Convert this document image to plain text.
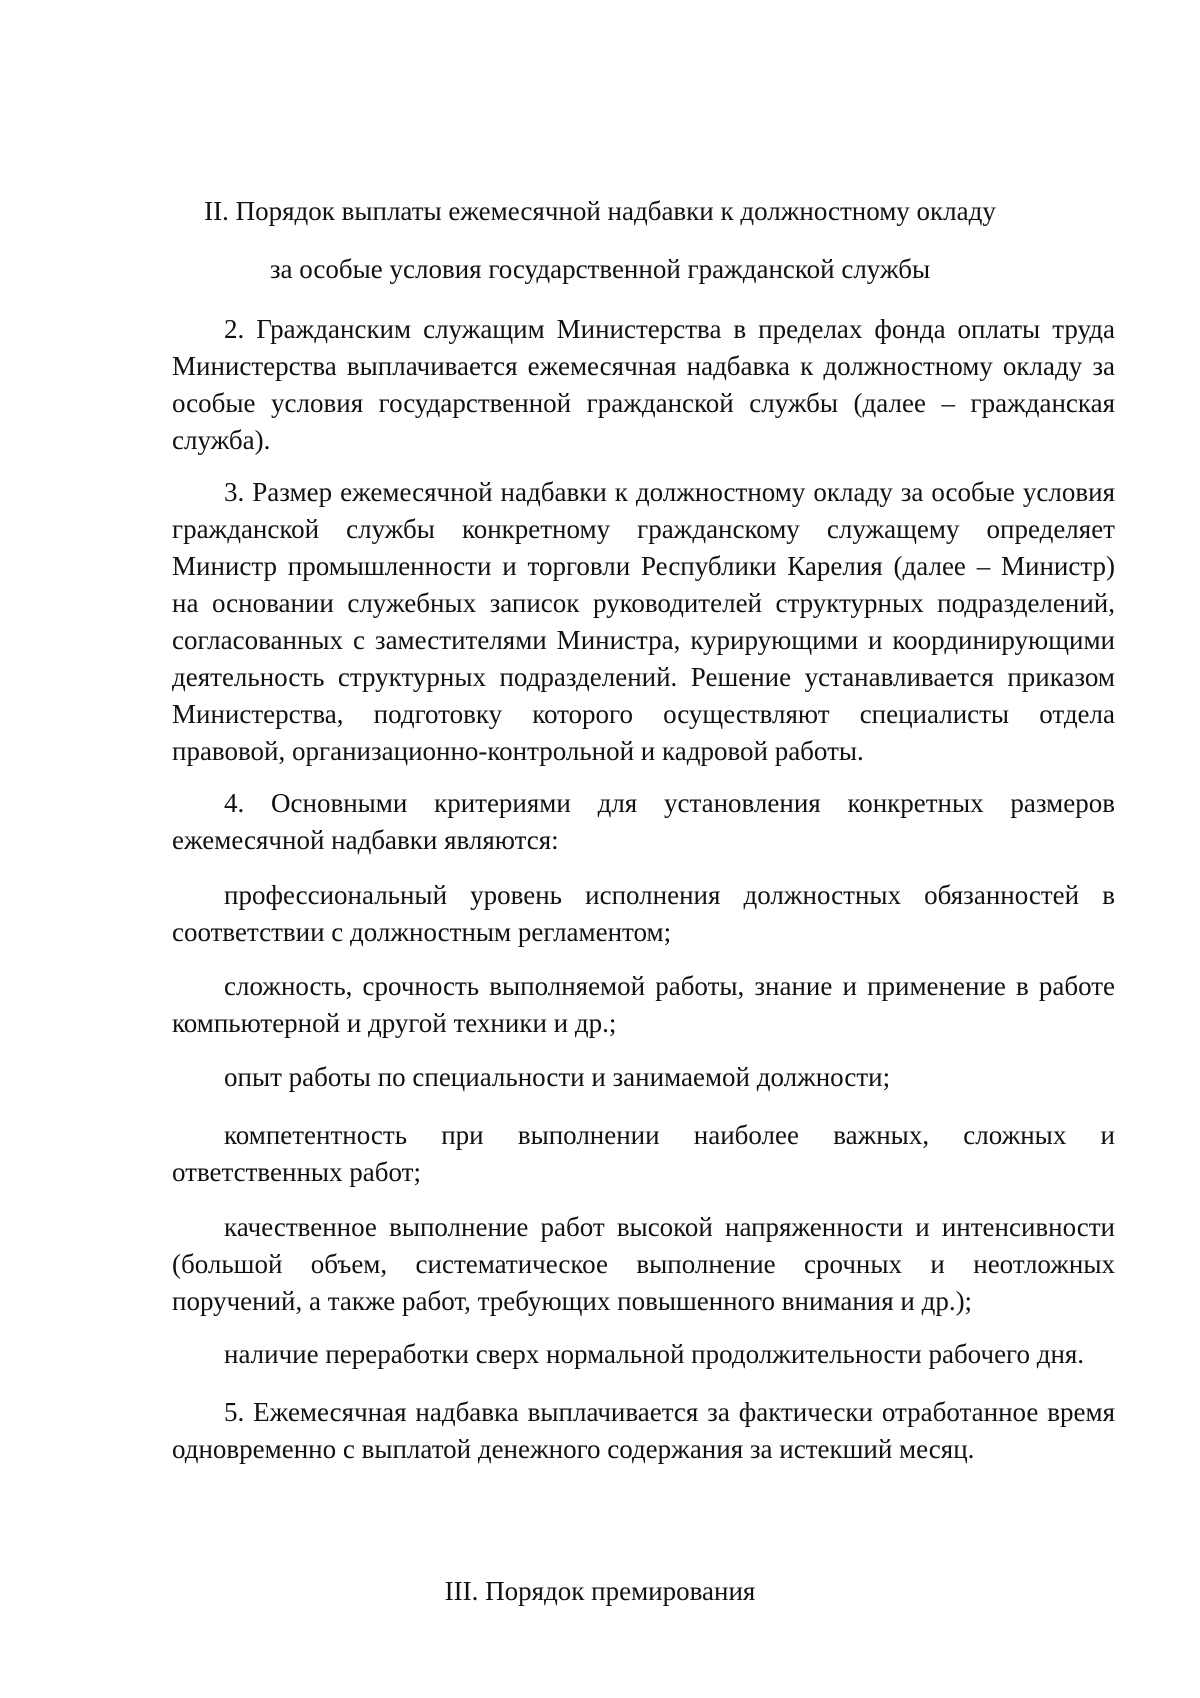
II. Порядок выплаты ежемесячной надбавки к должностному окладу
за особые условия государственной гражданской службы

2. Гражданским служащим Министерства в пределах фонда оплаты труда Министерства выплачивается ежемесячная надбавка к должностному окладу за особые условия государственной гражданской службы (далее – гражданская служба).

3. Размер ежемесячной надбавки к должностному окладу за особые условия гражданской службы конкретному гражданскому служащему определяет Министр промышленности и торговли Республики Карелия (далее – Министр) на основании служебных записок руководителей структурных подразделений, согласованных с заместителями Министра, курирующими и координирующими деятельность структурных подразделений. Решение устанавливается приказом Министерства, подготовку которого осуществляют специалисты отдела правовой, организационно-контрольной и кадровой работы.

4. Основными критериями для установления конкретных размеров ежемесячной надбавки являются:

профессиональный уровень исполнения должностных обязанностей в соответствии с должностным регламентом;

сложность, срочность выполняемой работы, знание и применение в работе компьютерной и другой техники и др.;

опыт работы по специальности и занимаемой должности;

компетентность при выполнении наиболее важных, сложных и ответственных работ;

качественное выполнение работ высокой напряженности и интенсивности (большой объем, систематическое выполнение срочных и неотложных поручений, а также работ, требующих повышенного внимания и др.);

наличие переработки сверх нормальной продолжительности рабочего дня.

5. Ежемесячная надбавка выплачивается за фактически отработанное время одновременно с выплатой денежного содержания за истекший месяц.

III. Порядок премирования
